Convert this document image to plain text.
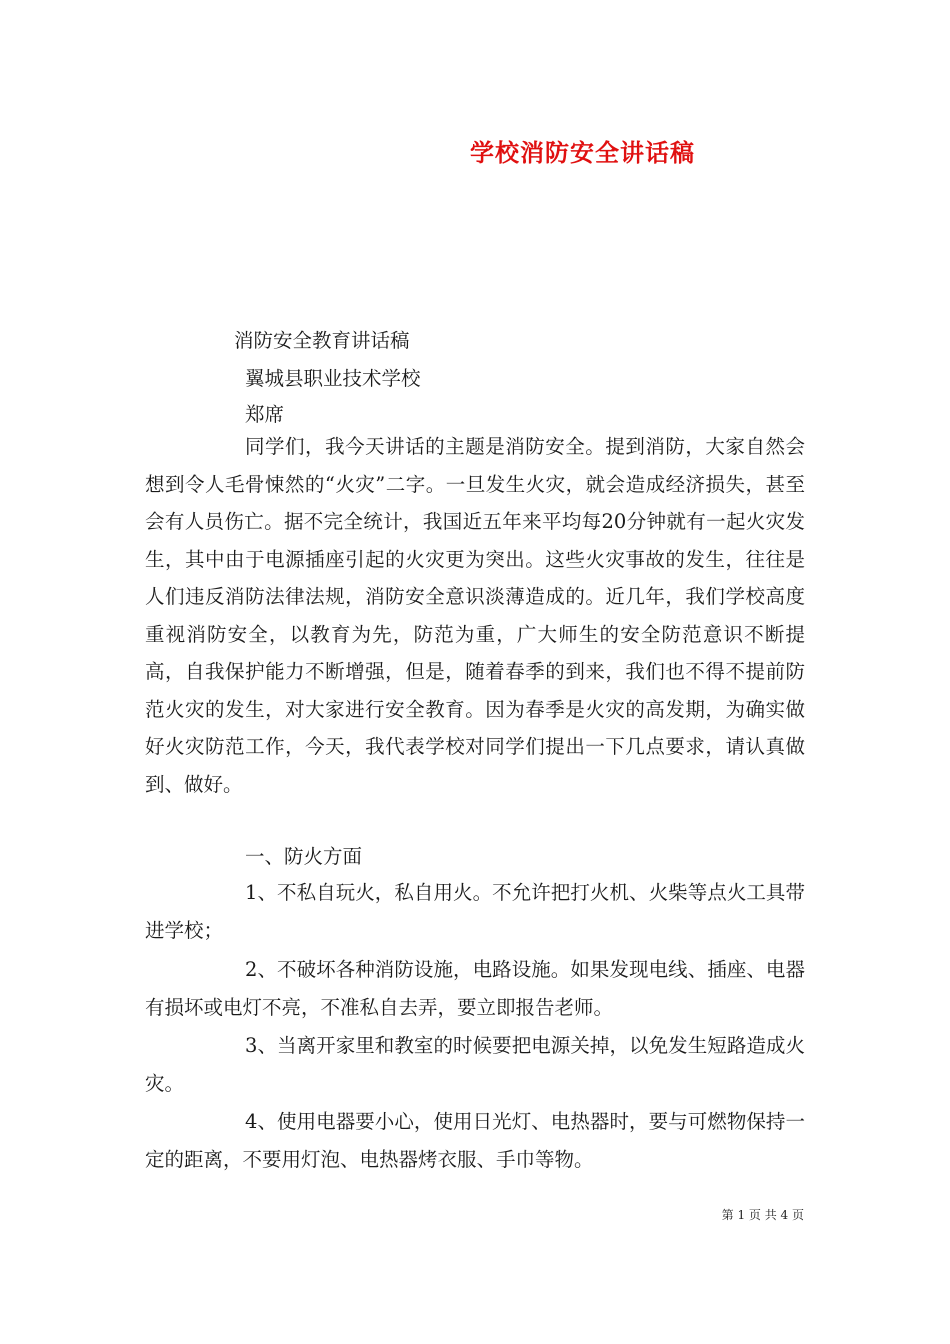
学校消防安全讲话稿
消防安全教育讲话稿
翼城县职业技术学校
郑席
同学们，我今天讲话的主题是消防安全。提到消防，大家自然会想到令人毛骨悚然的“火灾”二字。一旦发生火灾，就会造成经济损失，甚至会有人员伤亡。据不完全统计，我国近五年来平均每20分钟就有一起火灾发生，其中由于电源插座引起的火灾更为突出。这些火灾事故的发生，往往是人们违反消防法律法规，消防安全意识淡薄造成的。近几年，我们学校高度重视消防安全，以教育为先，防范为重，广大师生的安全防范意识不断提高，自我保护能力不断增强，但是，随着春季的到来，我们也不得不提前防范火灾的发生，对大家进行安全教育。因为春季是火灾的高发期，为确实做好火灾防范工作，今天，我代表学校对同学们提出一下几点要求，请认真做到、做好。
一、防火方面
1、不私自玩火，私自用火。不允许把打火机、火柴等点火工具带进学校；
2、不破坏各种消防设施，电路设施。如果发现电线、插座、电器有损坏或电灯不亮，不准私自去弄，要立即报告老师。
3、当离开家里和教室的时候要把电源关掉，以免发生短路造成火灾。
4、使用电器要小心，使用日光灯、电热器时，要与可燃物保持一定的距离，不要用灯泡、电热器烤衣服、手巾等物。
第 1 页 共 4 页
